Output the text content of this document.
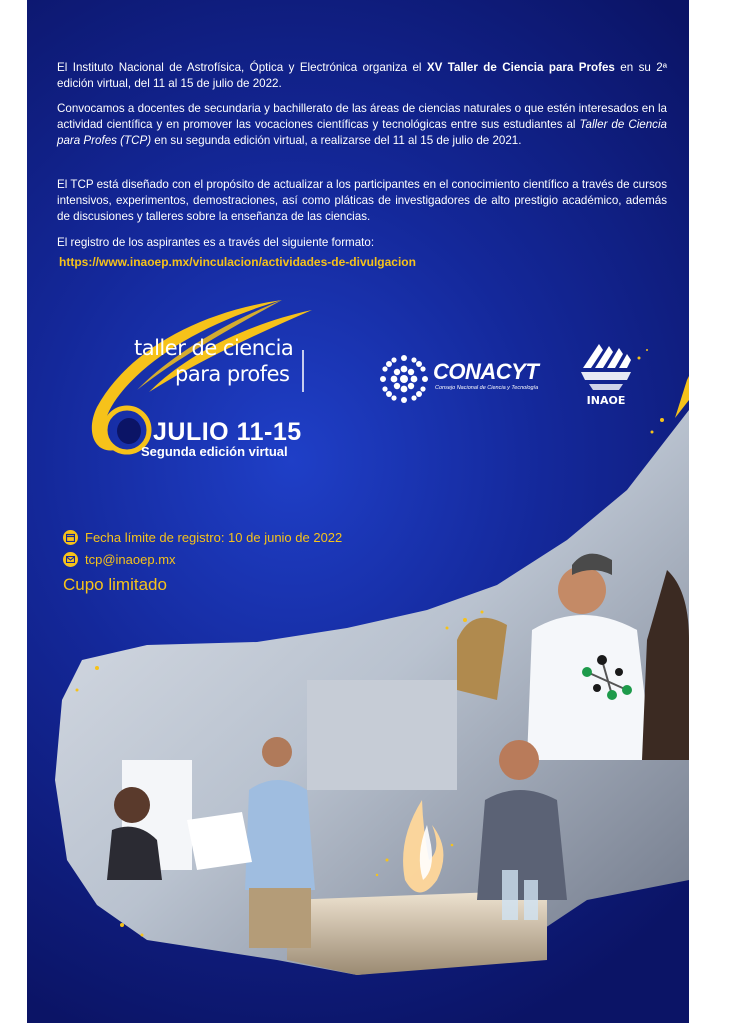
El Instituto Nacional de Astrofísica, Óptica y Electrónica organiza el XV Taller de Ciencia para Profes en su 2ª edición virtual, del 11 al 15 de julio de 2022.

Convocamos a docentes de secundaria y bachillerato de las áreas de ciencias naturales o que estén interesados en la actividad científica y en promover las vocaciones científicas y tecnológicas entre sus estudiantes al Taller de Ciencia para Profes (TCP) en su segunda edición virtual, a realizarse del 11 al 15 de julio de 2021.

El TCP está diseñado con el propósito de actualizar a los participantes en el conocimiento científico a través de cursos intensivos, experimentos, demostraciones, así como pláticas de investigadores de alto prestigio académico, además de discusiones y talleres sobre la enseñanza de las ciencias.

El registro de los aspirantes es a través del siguiente formato:

https://www.inaoep.mx/vinculacion/actividades-de-divulgacion
taller de ciencia
para profes
JULIO 11-15
Segunda edición virtual
CONACYT
Consejo Nacional de Ciencia y Tecnología
INAOE
Fecha límite de registro: 10 de junio de 2022
tcp@inaoep.mx
Cupo limitado
